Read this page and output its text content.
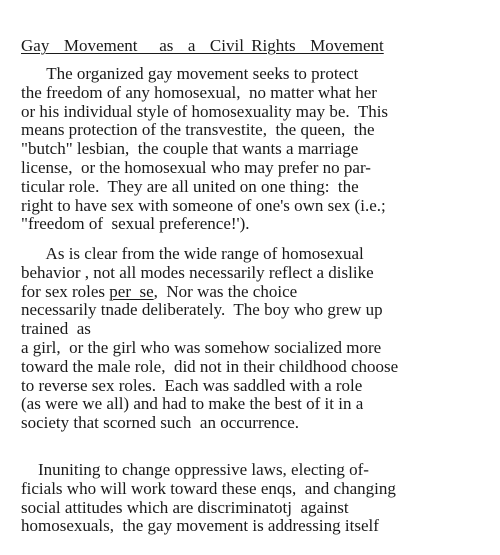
Gay  Movement   as  a  Civil Rights  Movement
The organized gay movement seeks to protect
the freedom of any homosexual,  no matter what her
or his individual style of homosexuality may be.  This
means protection of the transvestite,  the queen,  the
"butch" lesbian,  the couple that wants a marriage
license,  or the homosexual who may prefer no par-
ticular role.  They are all united on one thing:  the
right to have sex with someone of one's own sex (i.e.;
"freedom of  sexual preference!').
As is clear from the wide range of homosexual
behavior , not all modes necessarily reflect a dislike
for sex roles per  se,  Nor was the choice
necessarily tnade deliberately.  The boy who grew up
trained  as
a girl,  or the girl who was somehow socialized more
toward the male role,  did not in their childhood choose
to reverse sex roles.  Each was saddled with a role
(as were we all) and had to make the best of it in a
society that scorned such  an occurrence.
Inuniting to change oppressive laws, electing of-
ficials who will work toward these enqs,  and changing
social attitudes which are discriminatotj  against
homosexuals,  the gay movement is addressing itself
